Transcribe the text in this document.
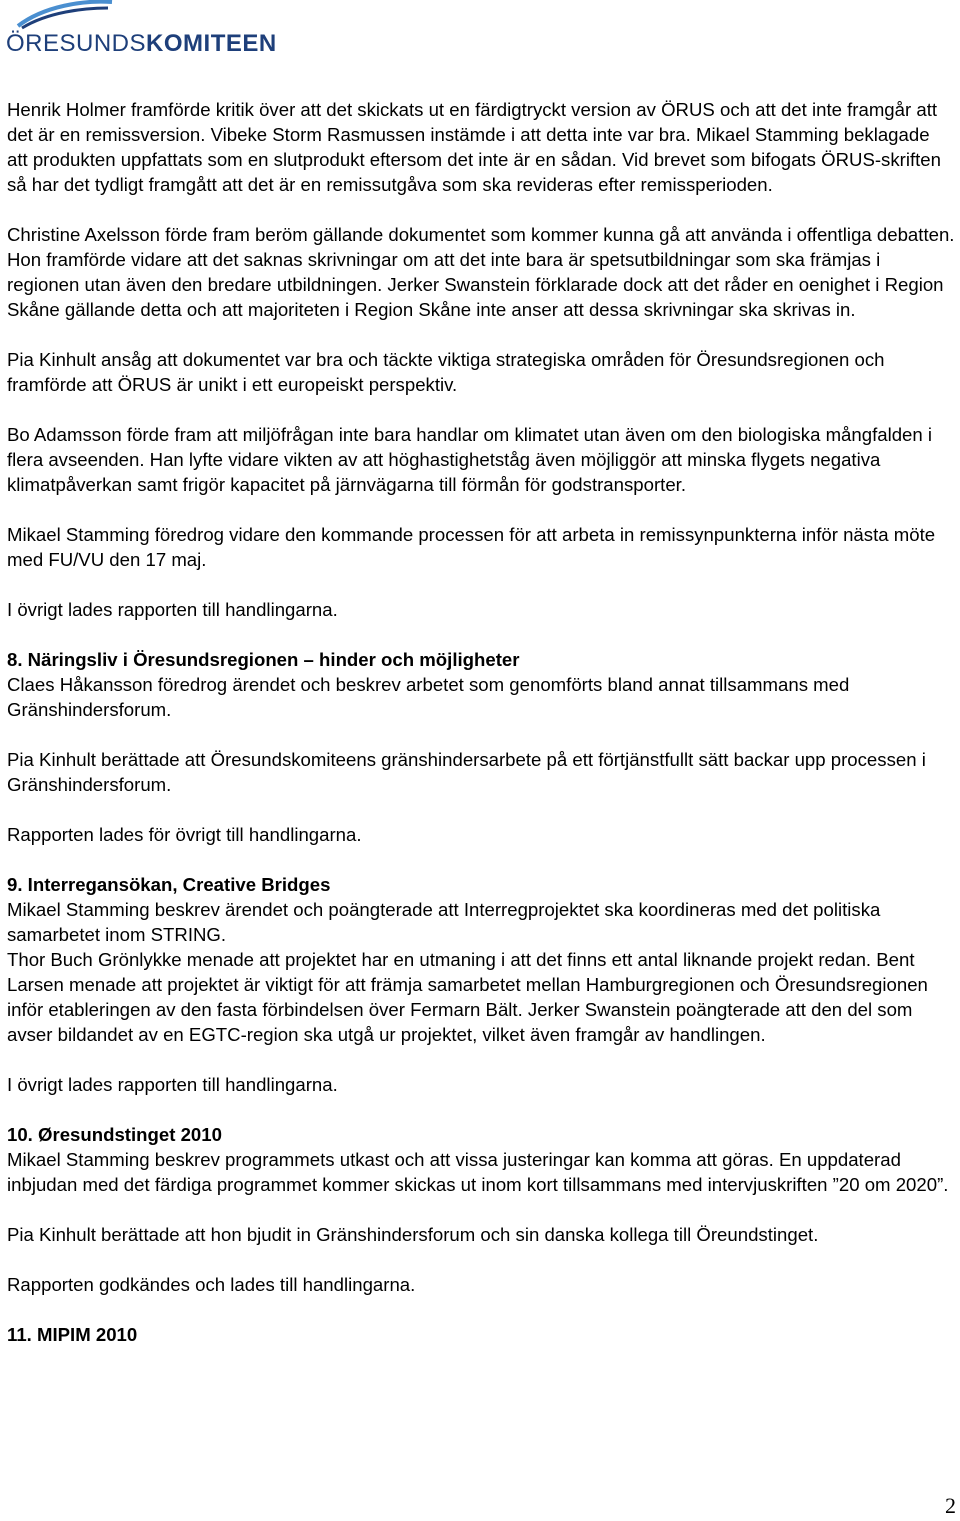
ÖRESUNDSKOMITEEN

Henrik Holmer framförde kritik över att det skickats ut en färdigtryckt version av ÖRUS och att det inte framgår att det är en remissversion. Vibeke Storm Rasmussen instämde i att detta inte var bra. Mikael Stamming beklagade att produkten uppfattats som en slutprodukt eftersom det inte är en sådan. Vid brevet som bifogats ÖRUS-skriften så har det tydligt framgått att det är en remissutgåva som ska revideras efter remissperioden.

Christine Axelsson förde fram beröm gällande dokumentet som kommer kunna gå att använda i offentliga debatten. Hon framförde vidare att det saknas skrivningar om att det inte bara är spetsutbildningar som ska främjas i regionen utan även den bredare utbildningen. Jerker Swanstein förklarade dock att det råder en oenighet i Region Skåne gällande detta och att majoriteten i Region Skåne inte anser att dessa skrivningar ska skrivas in.

Pia Kinhult ansåg att dokumentet var bra och täckte viktiga strategiska områden för Öresundsregionen och framförde att ÖRUS är unikt i ett europeiskt perspektiv.

Bo Adamsson förde fram att miljöfrågan inte bara handlar om klimatet utan även om den biologiska mångfalden i flera avseenden. Han lyfte vidare vikten av att höghastighetståg även möjliggör att minska flygets negativa klimatpåverkan samt frigör kapacitet på järnvägarna till förmån för godstransporter.

Mikael Stamming föredrog vidare den kommande processen för att arbeta in remissynpunkterna inför nästa möte med FU/VU den 17 maj.

I övrigt lades rapporten till handlingarna.

8. Näringsliv i Öresundsregionen – hinder och möjligheter

Claes Håkansson föredrog ärendet och beskrev arbetet som genomförts bland annat tillsammans med Gränshindersforum.

Pia Kinhult berättade att Öresundskomiteens gränshindersarbete på ett förtjänstfullt sätt backar upp processen i Gränshindersforum.

Rapporten lades för övrigt till handlingarna.

9. Interregansökan, Creative Bridges

Mikael Stamming beskrev ärendet och poängterade att Interregprojektet ska koordineras med det politiska samarbetet inom STRING.

Thor Buch Grönlykke menade att projektet har en utmaning i att det finns ett antal liknande projekt redan. Bent Larsen menade att projektet är viktigt för att främja samarbetet mellan Hamburgregionen och Öresundsregionen inför etableringen av den fasta förbindelsen över Fermarn Bält. Jerker Swanstein poängterade att den del som avser bildandet av en EGTC-region ska utgå ur projektet, vilket även framgår av handlingen.

I övrigt lades rapporten till handlingarna.

10. Øresundstinget 2010

Mikael Stamming beskrev programmets utkast och att vissa justeringar kan komma att göras. En uppdaterad inbjudan med det färdiga programmet kommer skickas ut inom kort tillsammans med intervjuskriften ”20 om 2020”.

Pia Kinhult berättade att hon bjudit in Gränshindersforum och sin danska kollega till Öreundstinget.

Rapporten godkändes och lades till handlingarna.

11. MIPIM 2010
2
